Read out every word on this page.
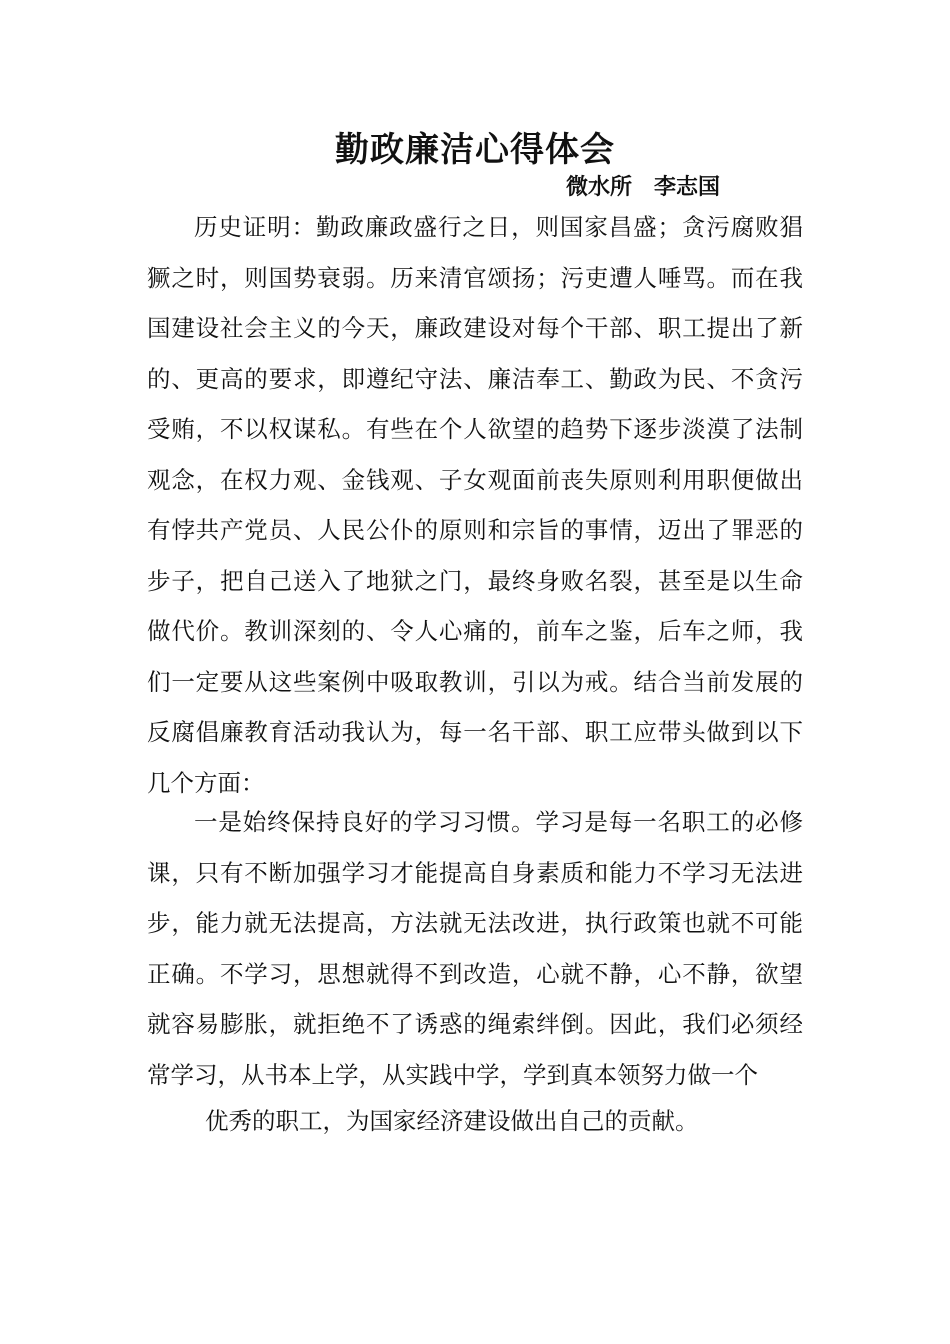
勤政廉洁心得体会
微水所　李志国

历史证明：勤政廉政盛行之日，则国家昌盛；贪污腐败猖獗之时，则国势衰弱。历来清官颂扬；污吏遭人唾骂。而在我国建设社会主义的今天，廉政建设对每个干部、职工提出了新的、更高的要求，即遵纪守法、廉洁奉工、勤政为民、不贪污受贿，不以权谋私。有些在个人欲望的趋势下逐步淡漠了法制观念，在权力观、金钱观、子女观面前丧失原则利用职便做出有悖共产党员、人民公仆的原则和宗旨的事情，迈出了罪恶的步子，把自己送入了地狱之门，最终身败名裂，甚至是以生命做代价。教训深刻的、令人心痛的，前车之鉴，后车之师，我们一定要从这些案例中吸取教训，引以为戒。结合当前发展的反腐倡廉教育活动我认为，每一名干部、职工应带头做到以下几个方面：

一是始终保持良好的学习习惯。学习是每一名职工的必修课，只有不断加强学习才能提高自身素质和能力不学习无法进步，能力就无法提高，方法就无法改进，执行政策也就不可能正确。不学习，思想就得不到改造，心就不静，心不静，欲望就容易膨胀，就拒绝不了诱惑的绳索绊倒。因此，我们必须经常学习，从书本上学，从实践中学，学到真本领努力做一个

优秀的职工，为国家经济建设做出自己的贡献。
